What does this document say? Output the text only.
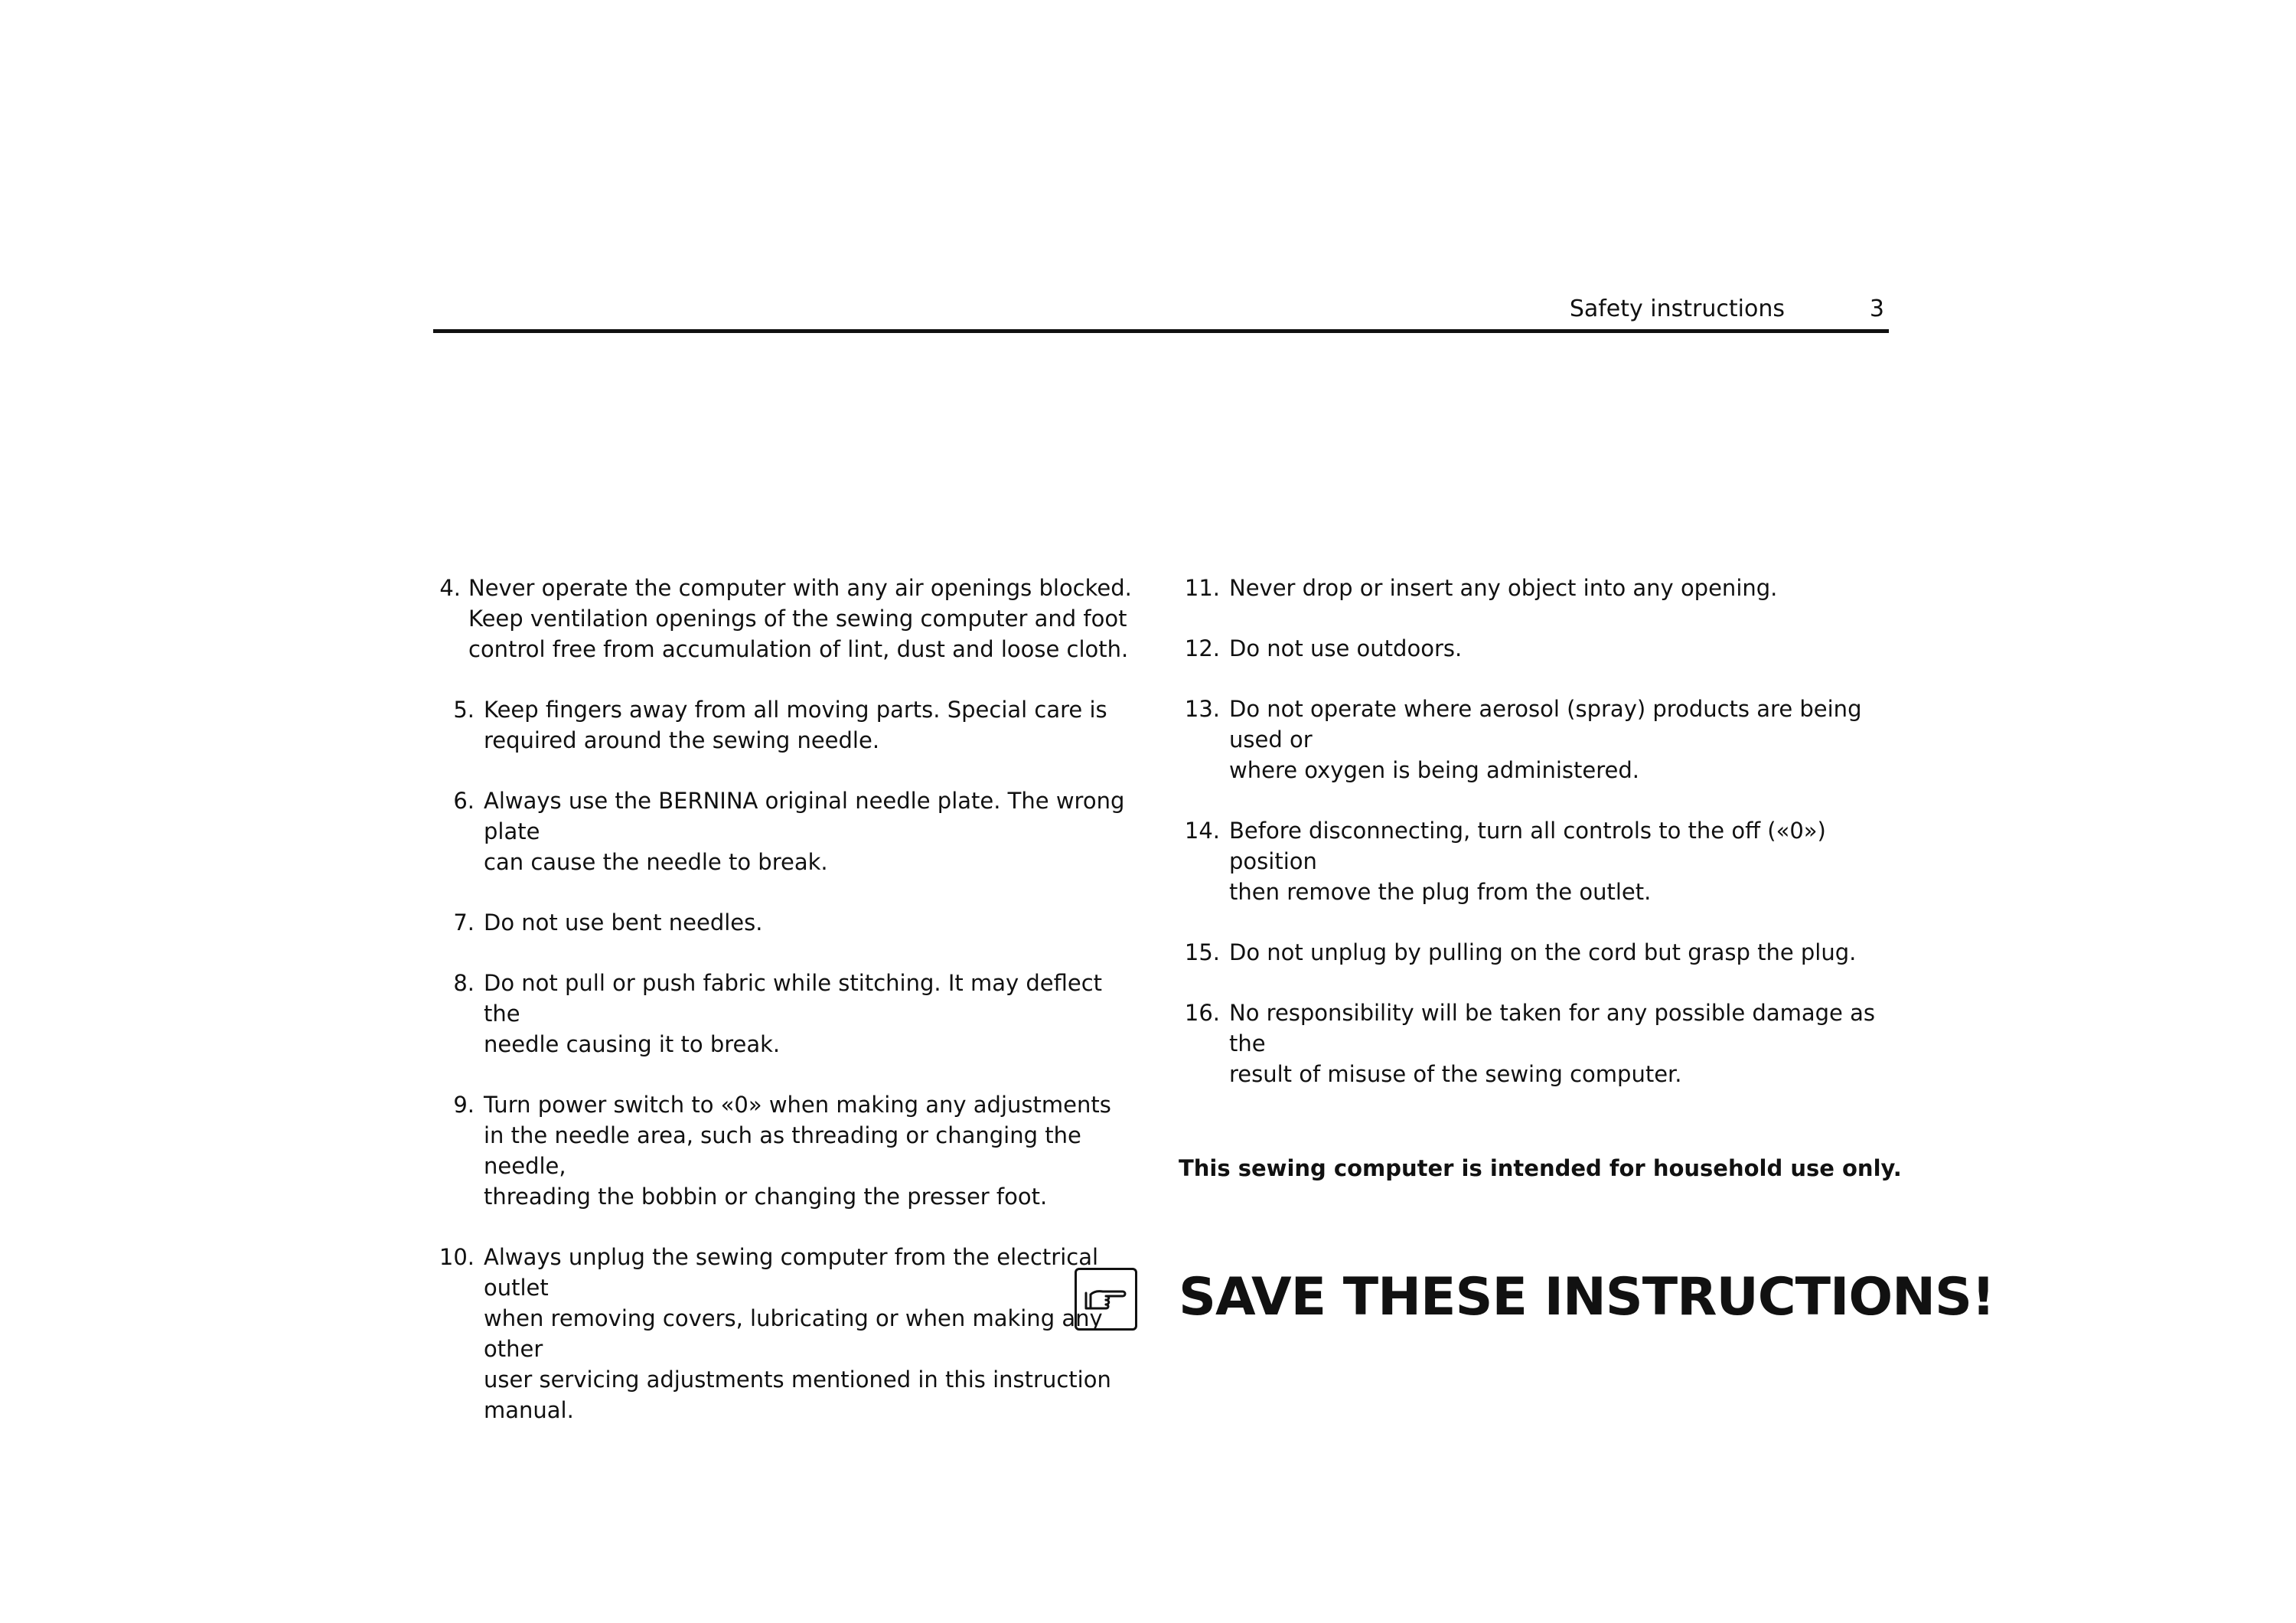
Safety instructions	3
4. Never operate the computer with any air openings blocked.
Keep ventilation openings of the sewing computer and foot
control free from accumulation of lint, dust and loose cloth.
5. Keep fingers away from all moving parts. Special care is
required around the sewing needle.
6. Always use the BERNINA original needle plate. The wrong plate
can cause the needle to break.
7. Do not use bent needles.
8. Do not pull or push fabric while stitching. It may deflect the
needle causing it to break.
9. Turn power switch to «0» when making any adjustments
in the needle area, such as threading or changing the needle,
threading the bobbin or changing the presser foot.
10. Always unplug the sewing computer from the electrical outlet
when removing covers, lubricating or when making any other
user servicing adjustments mentioned in this instruction manual.
11. Never drop or insert any object into any opening.
12. Do not use outdoors.
13. Do not operate where aerosol (spray) products are being used or
where oxygen is being administered.
14. Before disconnecting, turn all controls to the off («0») position
then remove the plug from the outlet.
15. Do not unplug by pulling on the cord but grasp the plug.
16. No responsibility will be taken for any possible damage as the
result of misuse of the sewing computer.
This sewing computer is intended for household use only.
SAVE THESE INSTRUCTIONS!
